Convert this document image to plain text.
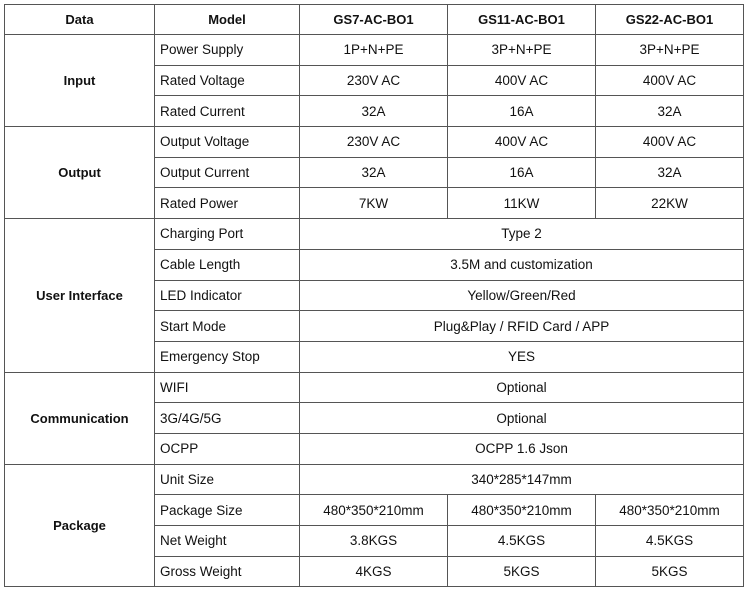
Data	Model	GS7-AC-BO1	GS11-AC-BO1	GS22-AC-BO1
Input	Power Supply	1P+N+PE	3P+N+PE	3P+N+PE
	Rated Voltage	230V AC	400V AC	400V AC
	Rated Current	32A	16A	32A
Output	Output Voltage	230V AC	400V AC	400V AC
	Output Current	32A	16A	32A
	Rated Power	7KW	11KW	22KW
User Interface	Charging Port	Type 2		
	Cable Length	3.5M and customization		
	LED Indicator	Yellow/Green/Red		
	Start Mode	Plug&Play / RFID Card / APP		
	Emergency Stop	YES		
Communication	WIFI	Optional		
	3G/4G/5G	Optional		
	OCPP	OCPP 1.6 Json		
Package	Unit Size	340*285*147mm		
	Package Size	480*350*210mm	480*350*210mm	480*350*210mm
	Net Weight	3.8KGS	4.5KGS	4.5KGS
	Gross Weight	4KGS	5KGS	5KGS
